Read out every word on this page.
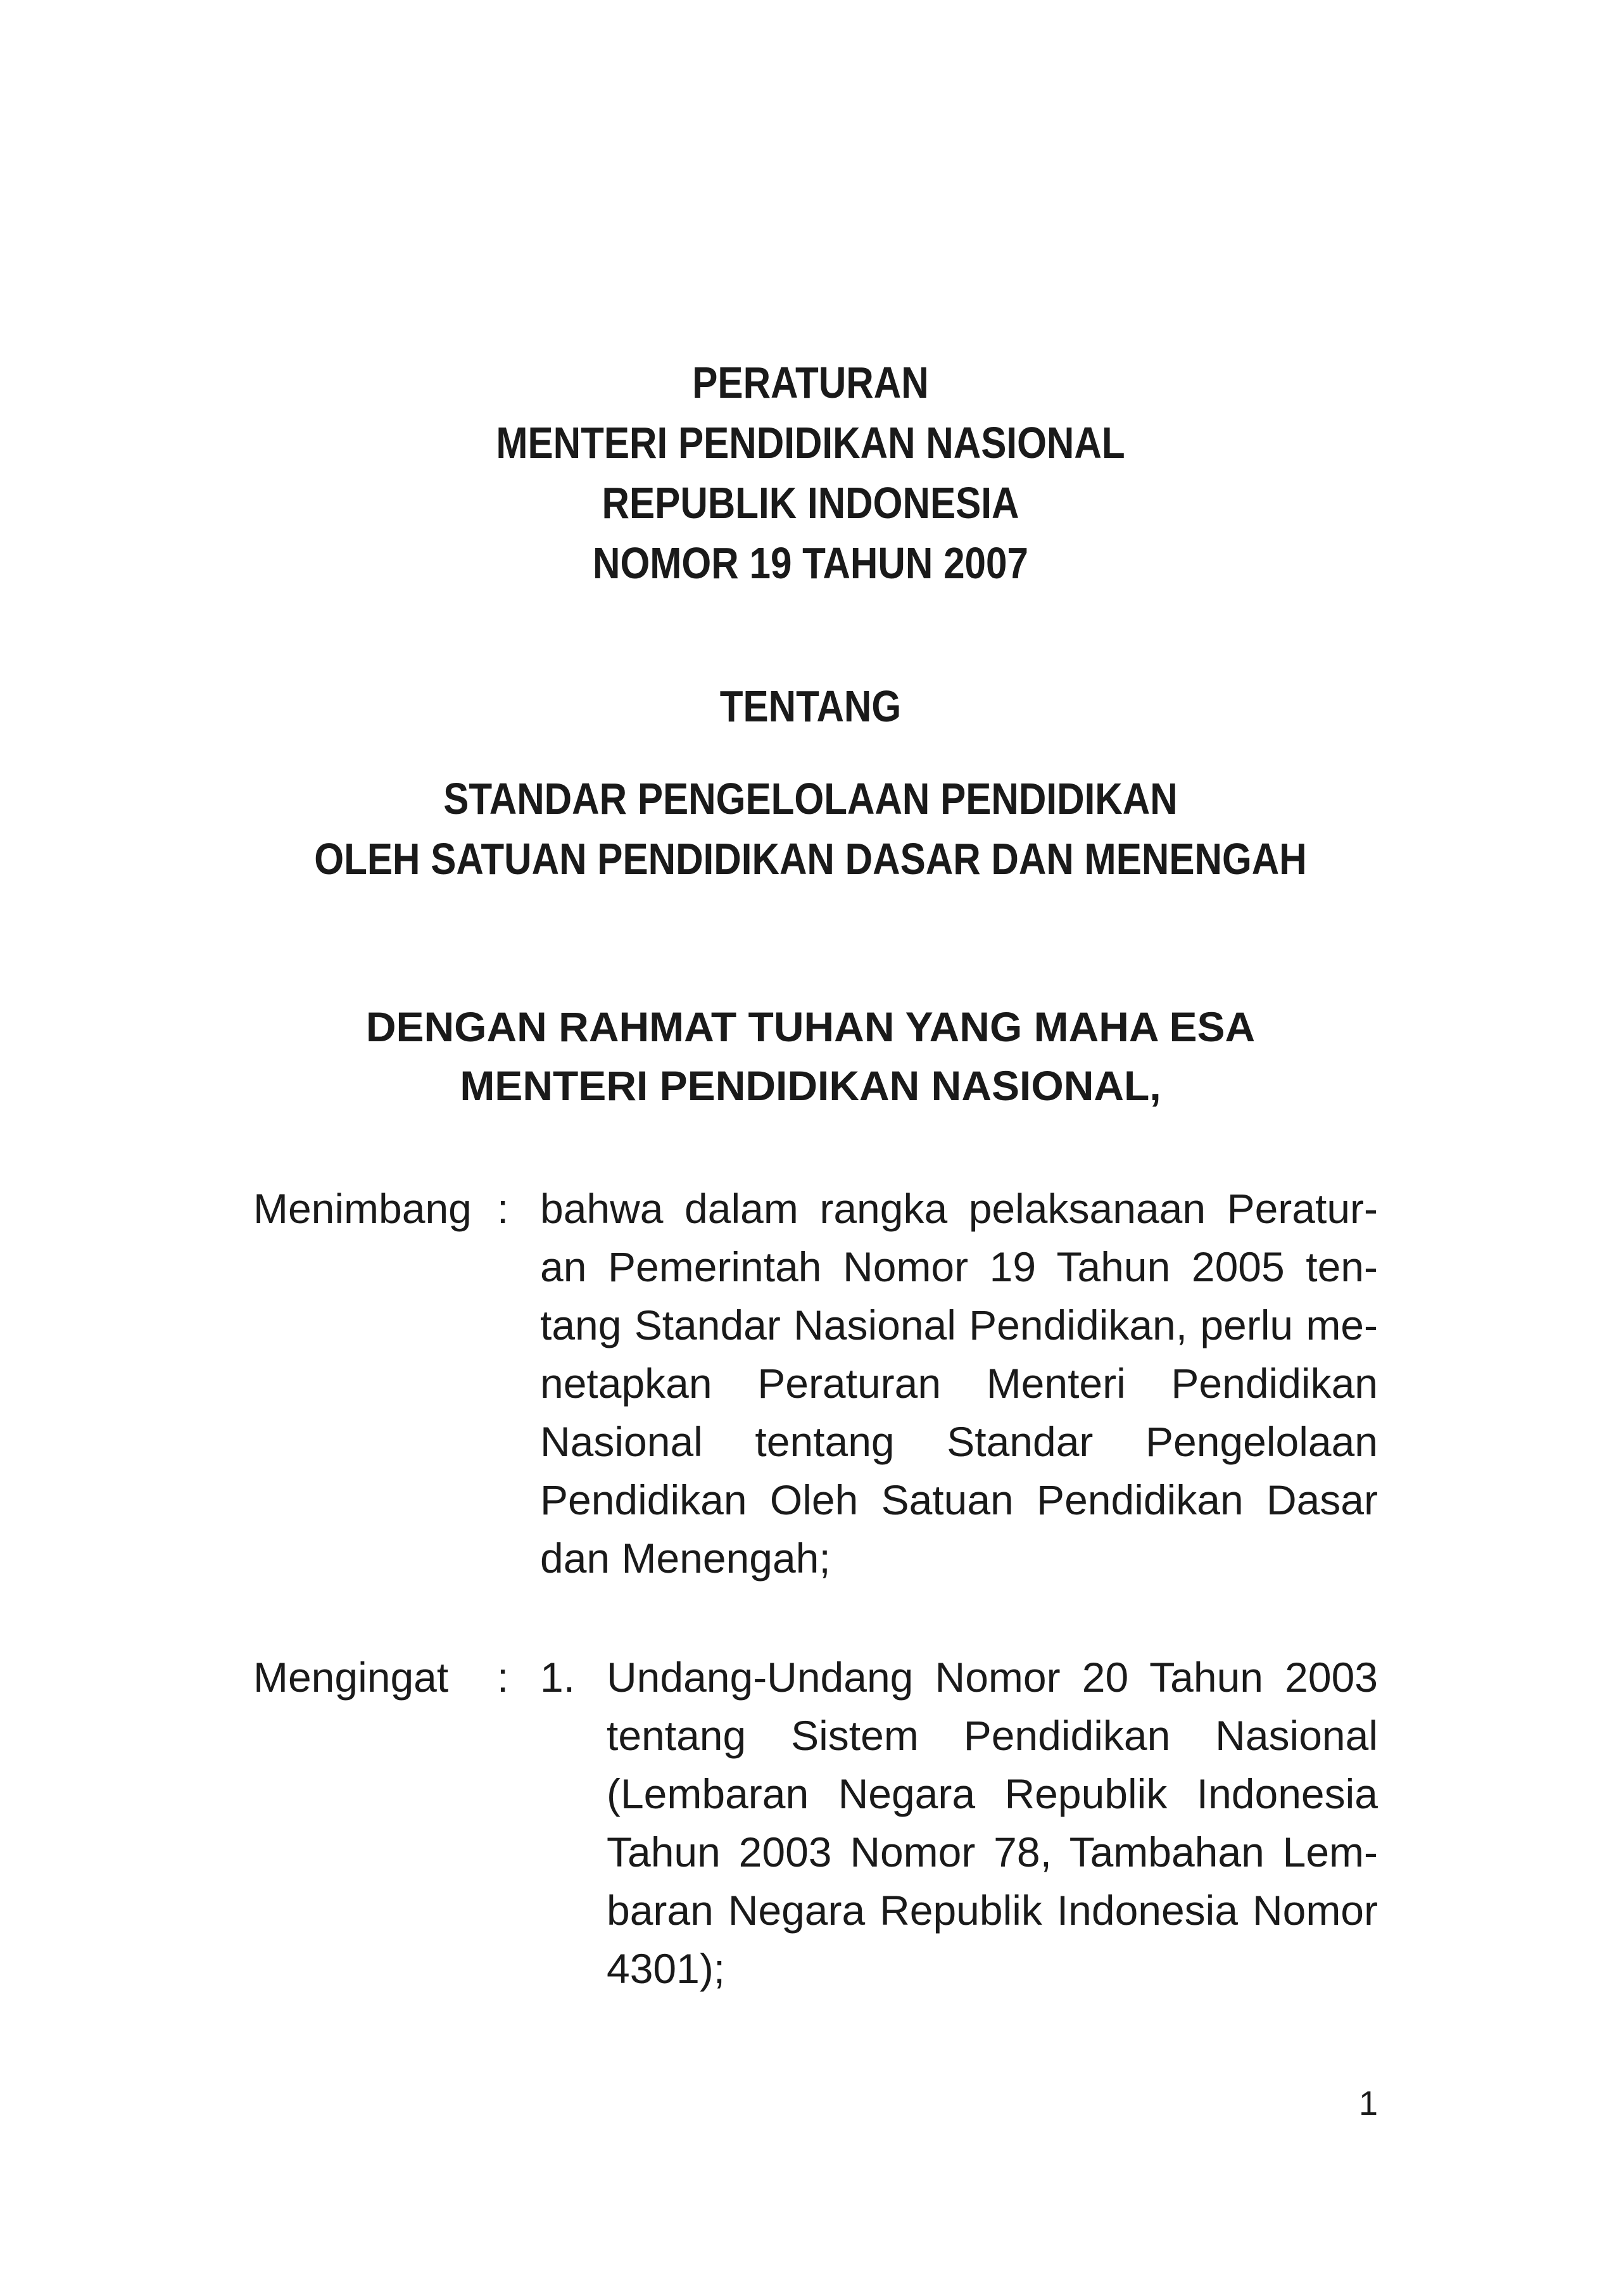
PERATURAN
MENTERI PENDIDIKAN NASIONAL
REPUBLIK INDONESIA
NOMOR 19 TAHUN 2007
TENTANG
STANDAR PENGELOLAAN PENDIDIKAN
OLEH SATUAN PENDIDIKAN DASAR DAN MENENGAH
DENGAN RAHMAT TUHAN YANG MAHA ESA
MENTERI PENDIDIKAN NASIONAL,
Menimbang : bahwa dalam rangka pelaksanaan Peratur-
an Pemerintah Nomor 19 Tahun 2005 ten-
tang Standar Nasional Pendidikan, perlu me-
netapkan Peraturan Menteri Pendidikan
Nasional tentang Standar Pengelolaan
Pendidikan Oleh Satuan Pendidikan Dasar
dan Menengah;
Mengingat : 1. Undang-Undang Nomor 20 Tahun 2003
tentang Sistem Pendidikan Nasional
(Lembaran Negara Republik Indonesia
Tahun 2003 Nomor 78, Tambahan Lem-
baran Negara Republik Indonesia Nomor
4301);
1
